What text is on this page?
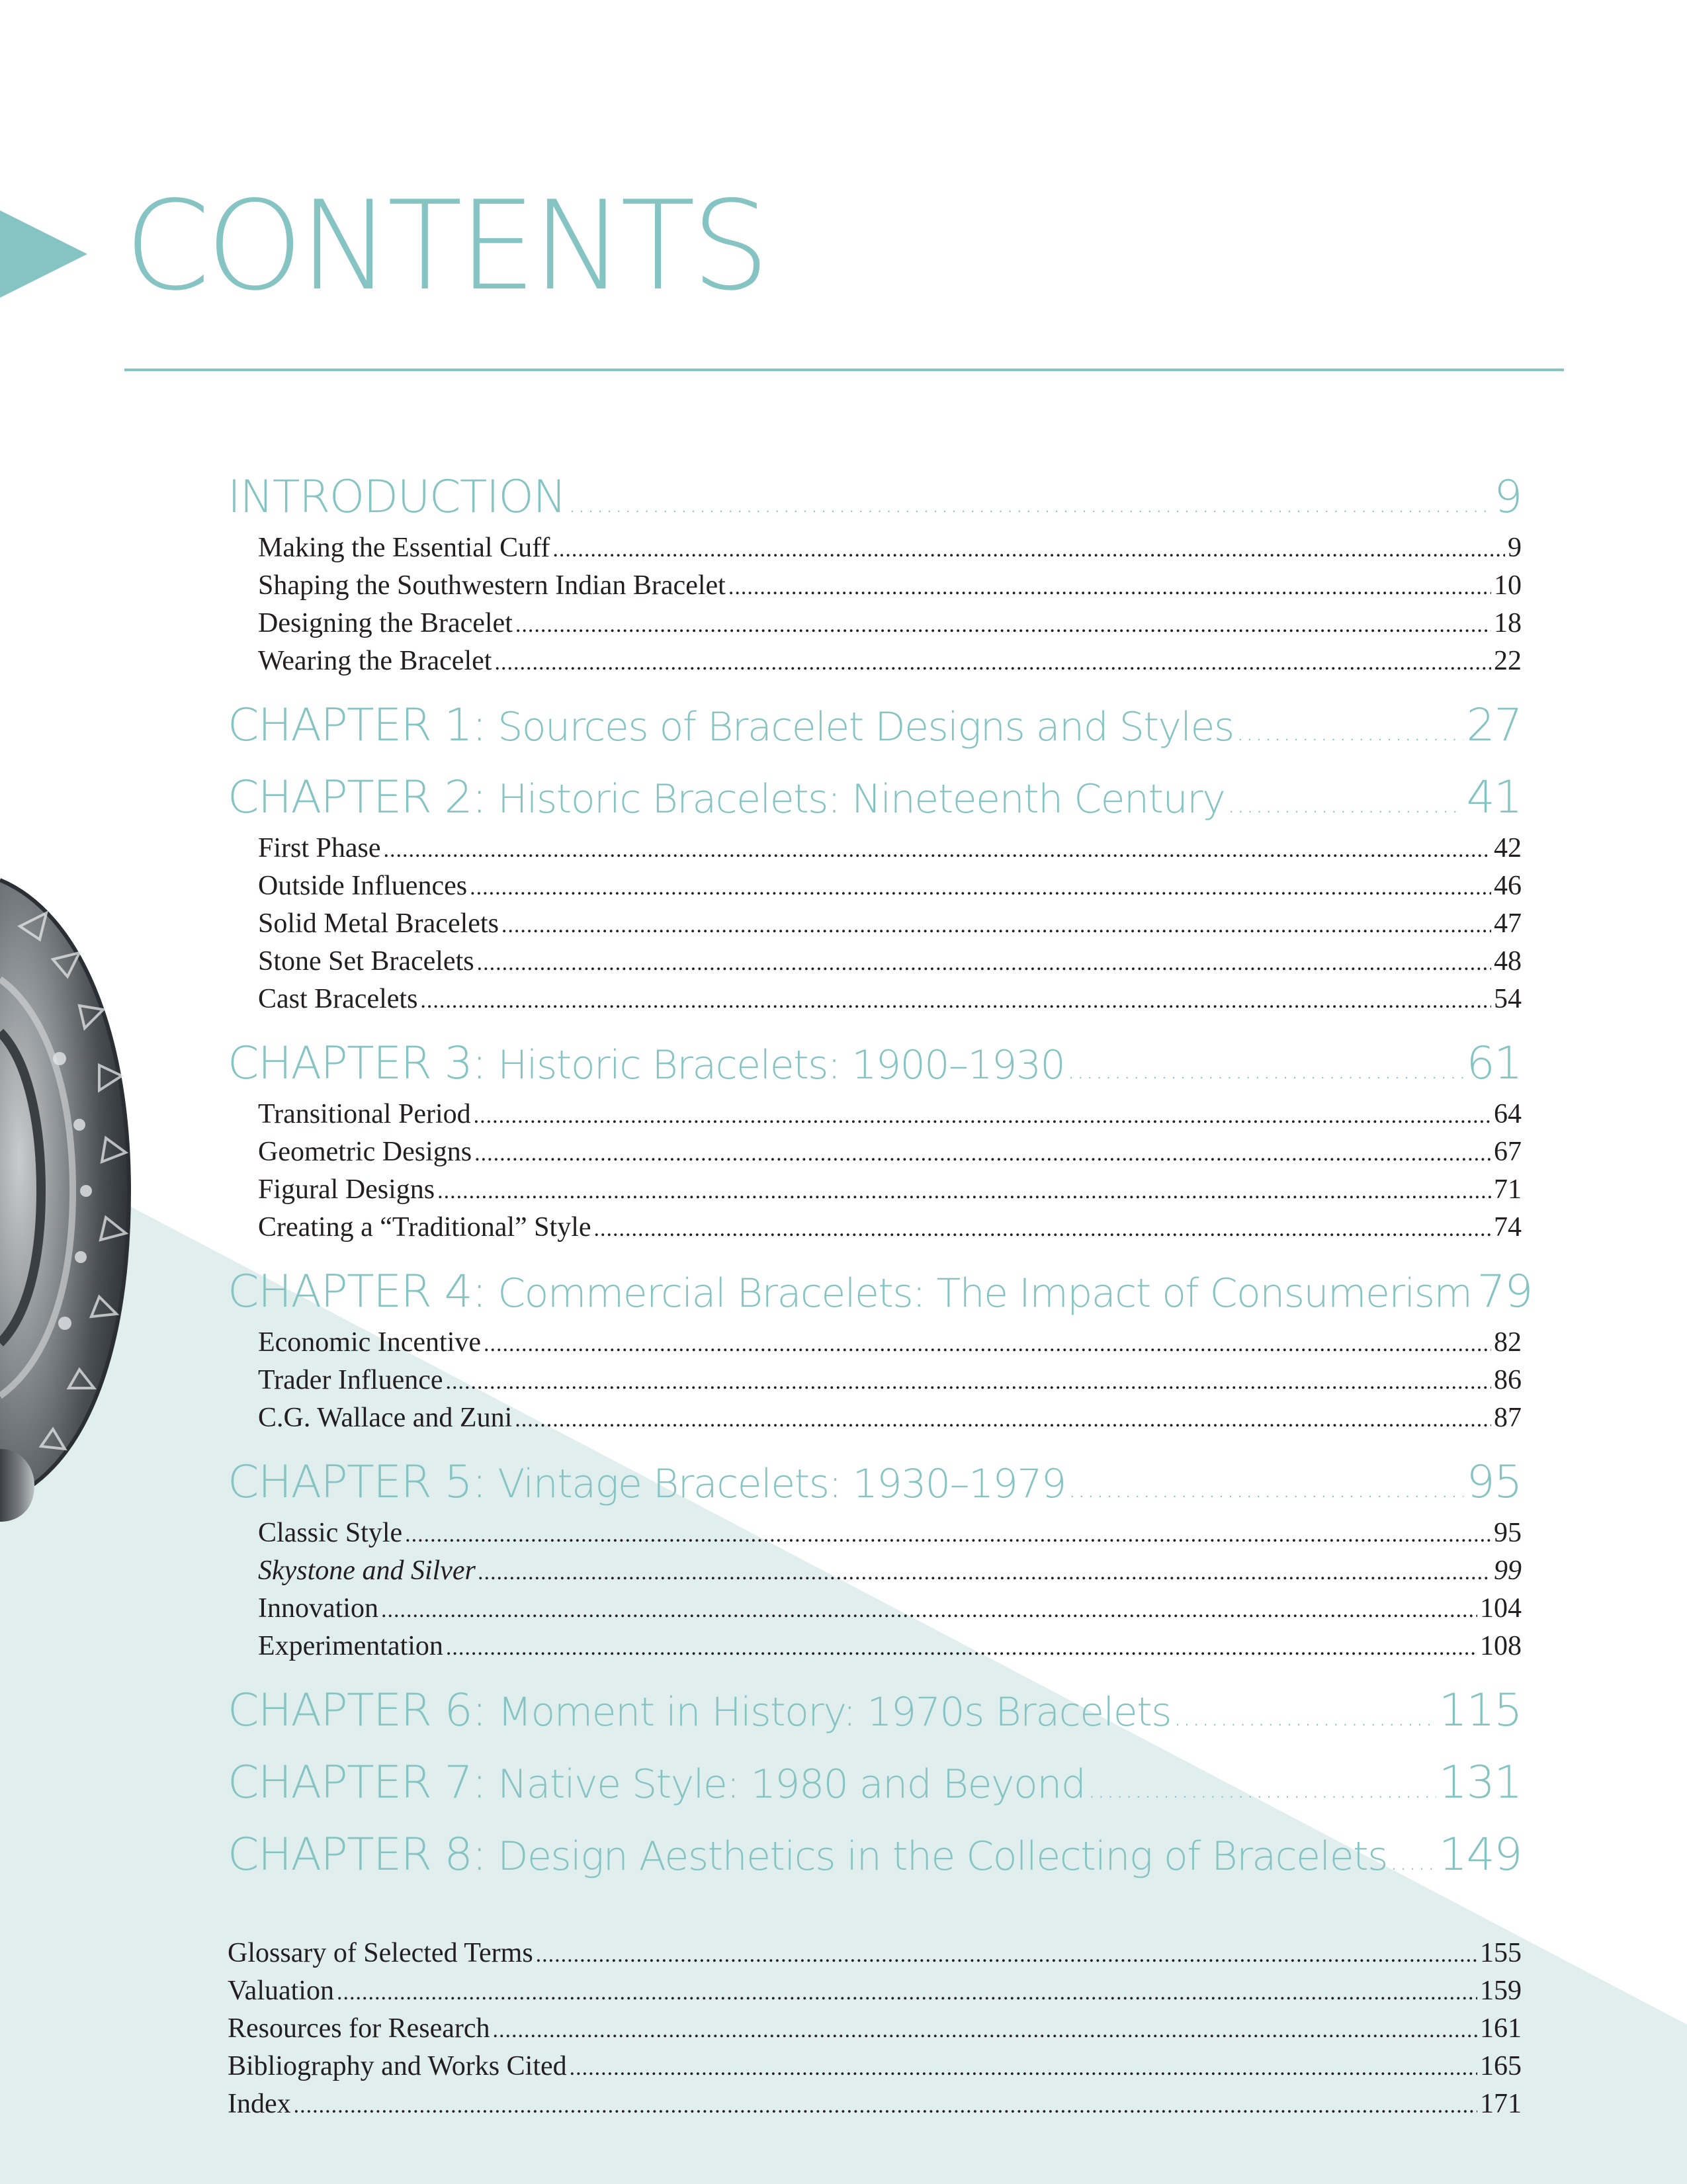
CONTENTS
INTRODUCTION .....	9
Making the Essential Cuff .....	9
Shaping the Southwestern Indian Bracelet .....	10
Designing the Bracelet .....	18
Wearing the Bracelet .....	22
CHAPTER 1: Sources of Bracelet Designs and Styles .....	27
CHAPTER 2: Historic Bracelets: Nineteenth Century .....	41
First Phase .....	42
Outside Influences .....	46
Solid Metal Bracelets .....	47
Stone Set Bracelets .....	48
Cast Bracelets .....	54
CHAPTER 3: Historic Bracelets: 1900–1930 .....	61
Transitional Period .....	64
Geometric Designs .....	67
Figural Designs .....	71
Creating a “Traditional” Style .....	74
CHAPTER 4: Commercial Bracelets: The Impact of Consumerism 79
Economic Incentive .....	82
Trader Influence .....	86
C.G. Wallace and Zuni .....	87
CHAPTER 5: Vintage Bracelets: 1930–1979 .....	95
Classic Style .....	95
Skystone and Silver .....	99
Innovation .....	104
Experimentation .....	108
CHAPTER 6: Moment in History: 1970s Bracelets .....	115
CHAPTER 7: Native Style: 1980 and Beyond .....	131
CHAPTER 8: Design Aesthetics in the Collecting of Bracelets ..... 149
Glossary of Selected Terms .....	155
Valuation .....	159
Resources for Research .....	161
Bibliography and Works Cited .....	165
Index .....	171
